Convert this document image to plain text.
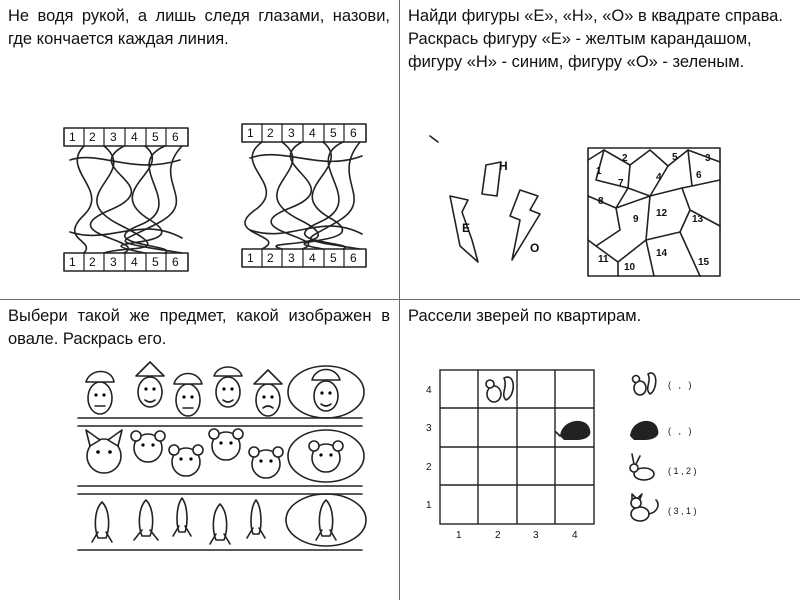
Не водя рукой, а лишь следя глазами, назови, где кончается каждая линия.

1 2 3 4 5 6
1 2 3 4 5 6
1 2 3 4 5 6
1 2 3 4 5 6

Найди фигуры «Е», «Н», «О» в квадрате справа. Раскрась фигуру «Е» - желтым карандашом, фигуру «Н» - синим, фигуру «О» - зеленым.

Н
Е
О
1
2	3
4
5
6
7
8
9
11
12
13
14
15
10

Выбери такой же предмет, какой изображен в овале. Раскрась его.

Рассели зверей по квартирам.

4
3
2
1
1	2	3	4
(   ,   )
(   ,   )
( 1 , 2 )
( 3 , 1 )
